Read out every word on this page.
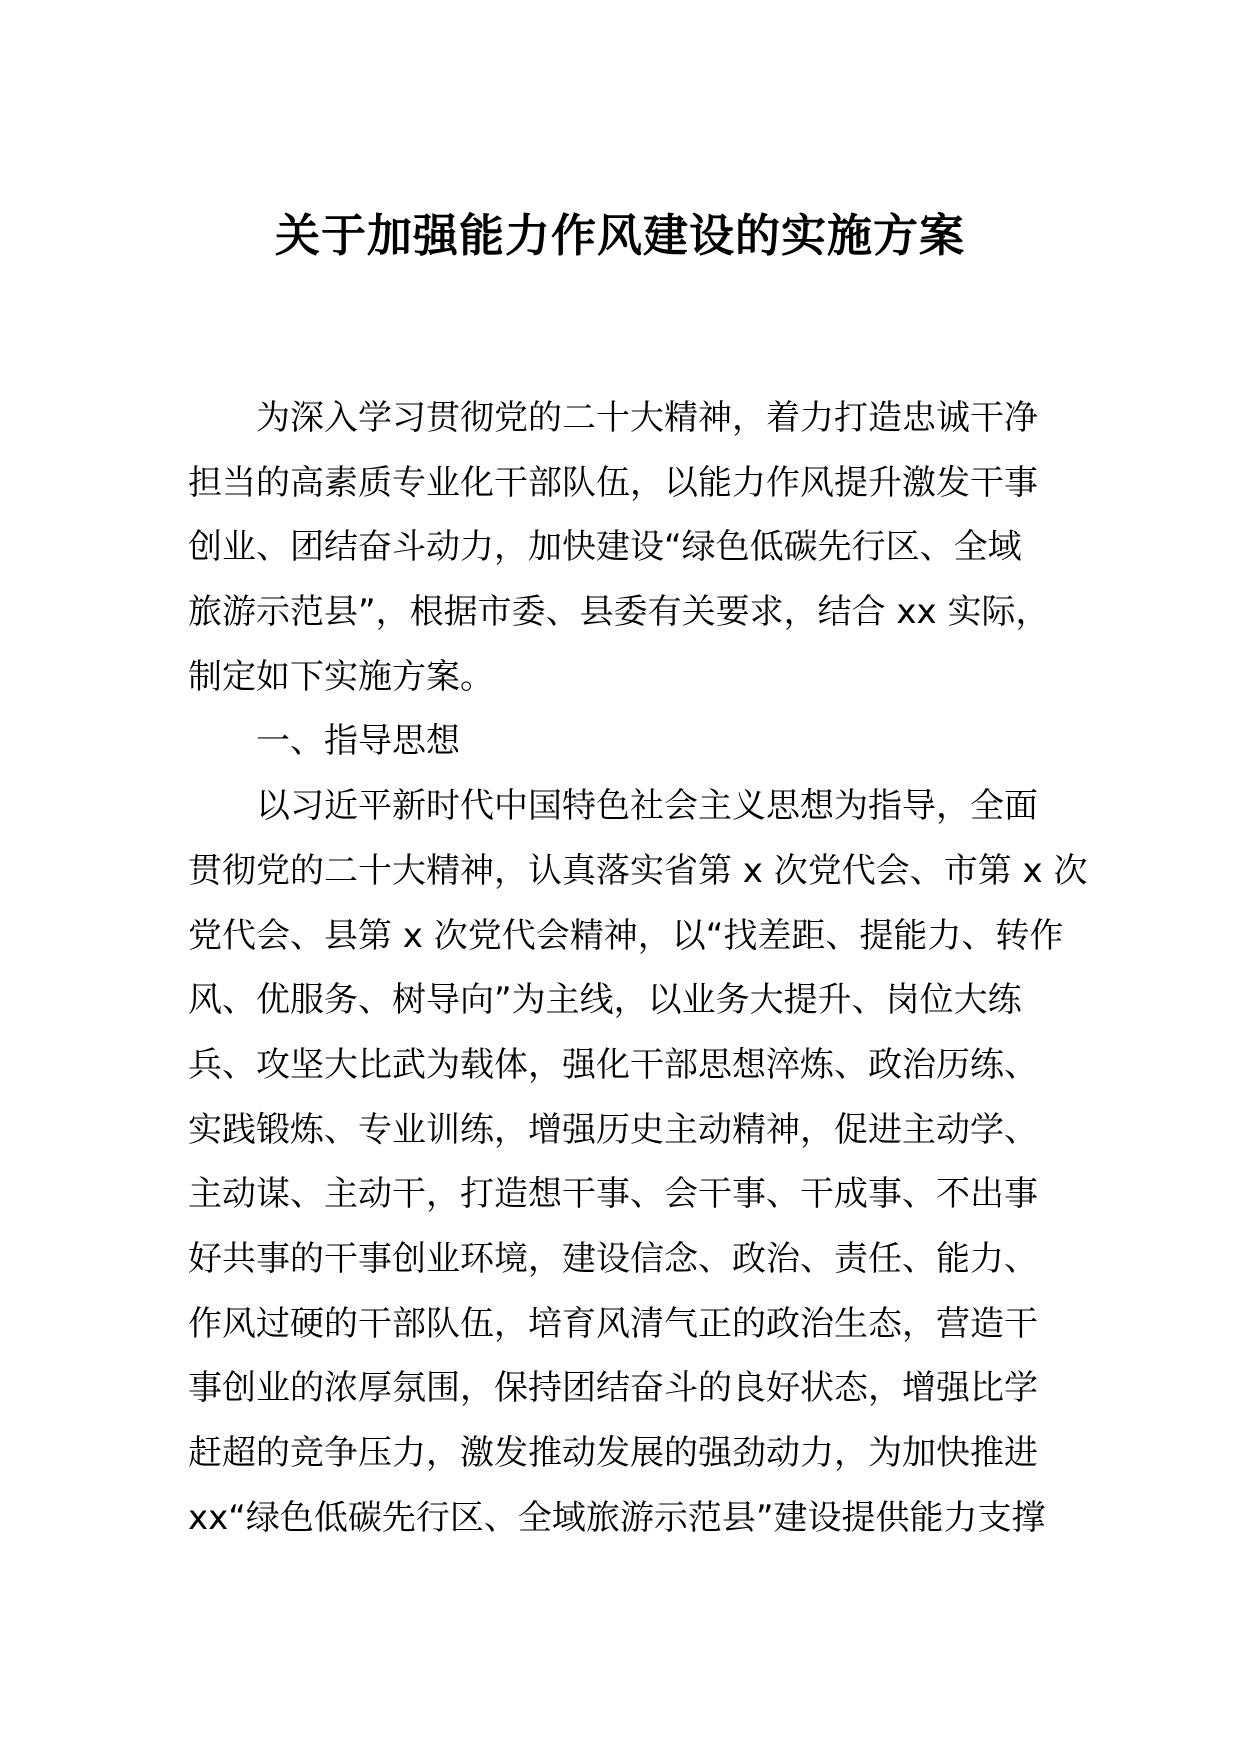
关于加强能力作风建设的实施方案
为深入学习贯彻党的二十大精神，着力打造忠诚干净
担当的高素质专业化干部队伍，以能力作风提升激发干事
创业、团结奋斗动力，加快建设“绿色低碳先行区、全域
旅游示范县”，根据市委、县委有关要求，结合 xx 实际，
制定如下实施方案。
一、指导思想
以习近平新时代中国特色社会主义思想为指导，全面
贯彻党的二十大精神，认真落实省第 x 次党代会、市第 x 次
党代会、县第 x 次党代会精神，以“找差距、提能力、转作
风、优服务、树导向”为主线，以业务大提升、岗位大练
兵、攻坚大比武为载体，强化干部思想淬炼、政治历练、
实践锻炼、专业训练，增强历史主动精神，促进主动学、
主动谋、主动干，打造想干事、会干事、干成事、不出事
好共事的干事创业环境，建设信念、政治、责任、能力、
作风过硬的干部队伍，培育风清气正的政治生态，营造干
事创业的浓厚氛围，保持团结奋斗的良好状态，增强比学
赶超的竞争压力，激发推动发展的强劲动力，为加快推进
xx“绿色低碳先行区、全域旅游示范县”建设提供能力支撑
